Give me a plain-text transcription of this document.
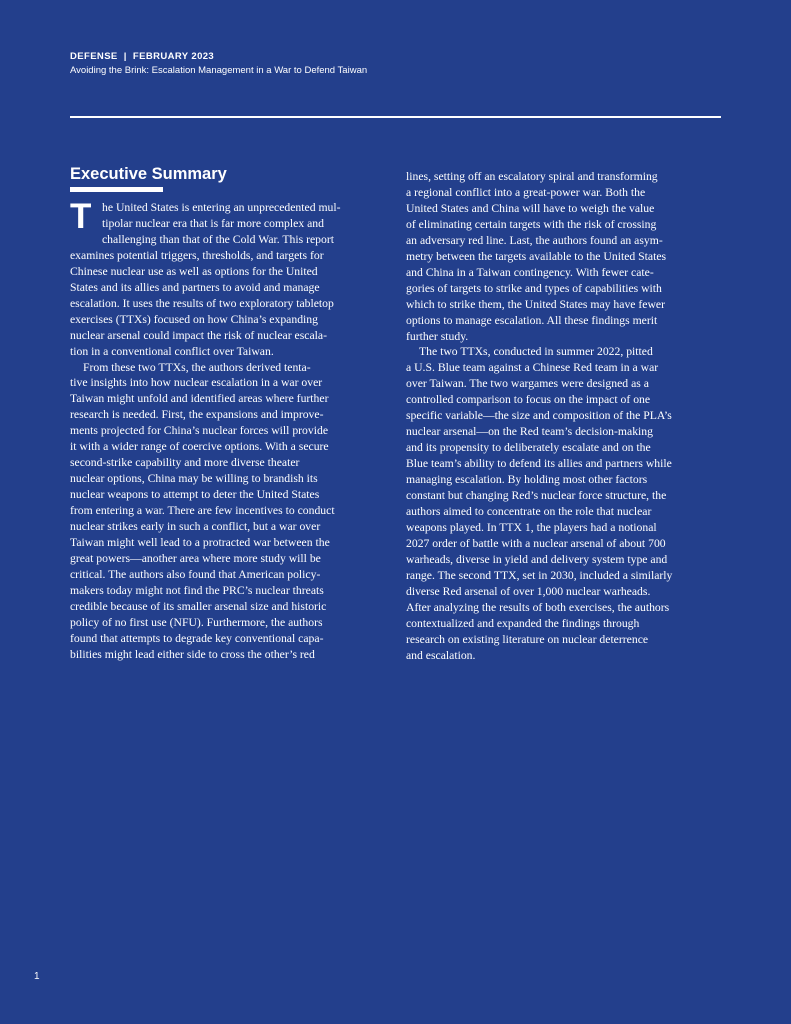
DEFENSE  |  FEBRUARY 2023
Avoiding the Brink: Escalation Management in a War to Defend Taiwan
Executive Summary
T he United States is entering an unprecedented mul-
tipolar nuclear era that is far more complex and
challenging than that of the Cold War. This report
examines potential triggers, thresholds, and targets for
Chinese nuclear use as well as options for the United
States and its allies and partners to avoid and manage
escalation. It uses the results of two exploratory tabletop
exercises (TTXs) focused on how China’s expanding
nuclear arsenal could impact the risk of nuclear escala-
tion in a conventional conflict over Taiwan.
From these two TTXs, the authors derived tenta-
tive insights into how nuclear escalation in a war over
Taiwan might unfold and identified areas where further
research is needed. First, the expansions and improve-
ments projected for China’s nuclear forces will provide
it with a wider range of coercive options. With a secure
second-strike capability and more diverse theater
nuclear options, China may be willing to brandish its
nuclear weapons to attempt to deter the United States
from entering a war. There are few incentives to conduct
nuclear strikes early in such a conflict, but a war over
Taiwan might well lead to a protracted war between the
great powers—another area where more study will be
critical. The authors also found that American policy-
makers today might not find the PRC’s nuclear threats
credible because of its smaller arsenal size and historic
policy of no first use (NFU). Furthermore, the authors
found that attempts to degrade key conventional capa-
bilities might lead either side to cross the other’s red
lines, setting off an escalatory spiral and transforming
a regional conflict into a great-power war. Both the
United States and China will have to weigh the value
of eliminating certain targets with the risk of crossing
an adversary red line. Last, the authors found an asym-
metry between the targets available to the United States
and China in a Taiwan contingency. With fewer cate-
gories of targets to strike and types of capabilities with
which to strike them, the United States may have fewer
options to manage escalation. All these findings merit
further study.
The two TTXs, conducted in summer 2022, pitted
a U.S. Blue team against a Chinese Red team in a war
over Taiwan. The two wargames were designed as a
controlled comparison to focus on the impact of one
specific variable—the size and composition of the PLA’s
nuclear arsenal—on the Red team’s decision-making
and its propensity to deliberately escalate and on the
Blue team’s ability to defend its allies and partners while
managing escalation. By holding most other factors
constant but changing Red’s nuclear force structure, the
authors aimed to concentrate on the role that nuclear
weapons played. In TTX 1, the players had a notional
2027 order of battle with a nuclear arsenal of about 700
warheads, diverse in yield and delivery system type and
range. The second TTX, set in 2030, included a similarly
diverse Red arsenal of over 1,000 nuclear warheads.
After analyzing the results of both exercises, the authors
contextualized and expanded the findings through
research on existing literature on nuclear deterrence
and escalation.
1
